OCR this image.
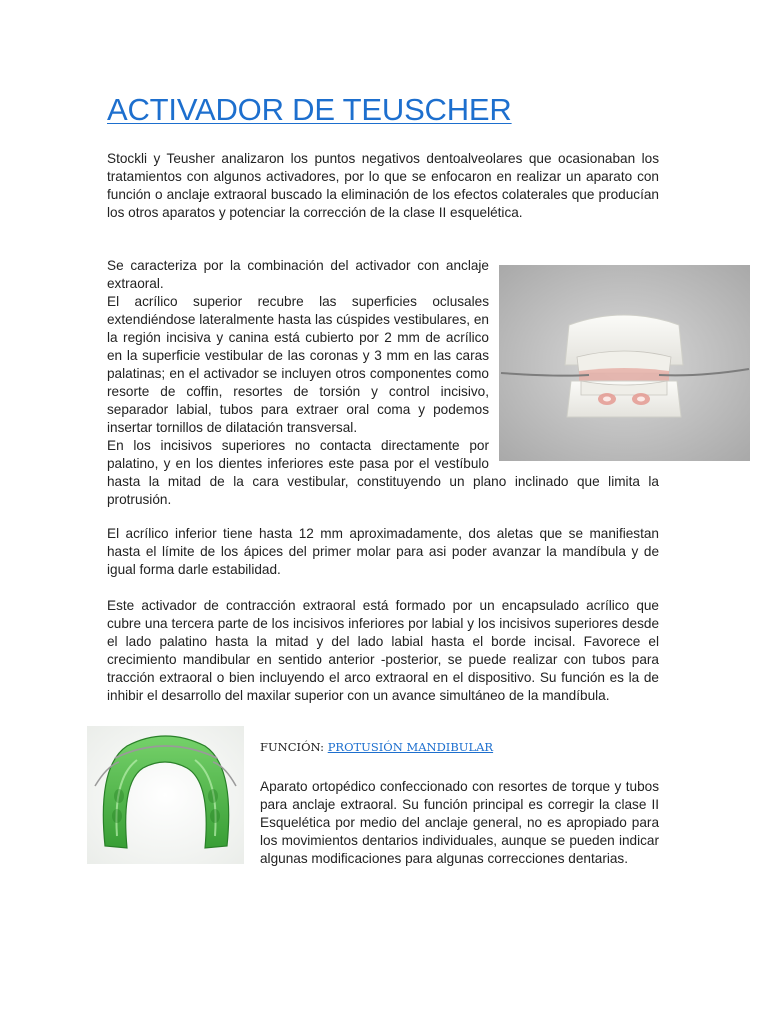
ACTIVADOR DE TEUSCHER

Stockli y Teusher analizaron los puntos negativos dentoalveolares que ocasionaban los tratamientos con algunos activadores, por lo que se enfocaron en realizar un aparato con función o anclaje extraoral buscado la eliminación de los efectos colaterales que producían los otros aparatos y potenciar la corrección de la clase II esquelética.

Se caracteriza por la combinación del activador con anclaje extraoral.

El acrílico superior recubre las superficies oclusales extendiéndose lateralmente hasta las cúspides vestibulares, en la región incisiva y canina está cubierto por 2 mm de acrílico en la superficie vestibular de las coronas y 3 mm en las caras palatinas; en el activador se incluyen otros componentes como resorte de coffin, resortes de torsión y control incisivo, separador labial, tubos para extraer oral coma y podemos insertar tornillos de dilatación transversal.

En los incisivos superiores no contacta directamente por palatino, y en los dientes inferiores este pasa por el vestíbulo hasta la mitad de la cara vestibular, constituyendo un plano inclinado que limita la protrusión.

El acrílico inferior tiene hasta 12 mm aproximadamente, dos aletas que se manifiestan hasta el límite de los ápices del primer molar para asi poder avanzar la mandíbula y de igual forma darle estabilidad.

Este activador de contracción extraoral está formado por un encapsulado acrílico que cubre una tercera parte de los incisivos inferiores por labial y los incisivos superiores desde el lado palatino hasta la mitad y del lado labial hasta el borde incisal. Favorece el crecimiento mandibular en sentido anterior -posterior, se puede realizar con tubos para tracción extraoral o bien incluyendo el arco extraoral en el dispositivo. Su función es la de inhibir el desarrollo del maxilar superior con un avance simultáneo de la mandíbula.

FUNCIÓN: PROTUSIÓN MANDIBULAR

Aparato ortopédico confeccionado con resortes de torque y tubos para anclaje extraoral. Su función principal es corregir la clase II Esquelética por medio del anclaje general, no es apropiado para los movimientos dentarios individuales, aunque se pueden indicar algunas modificaciones para algunas correcciones dentarias.
